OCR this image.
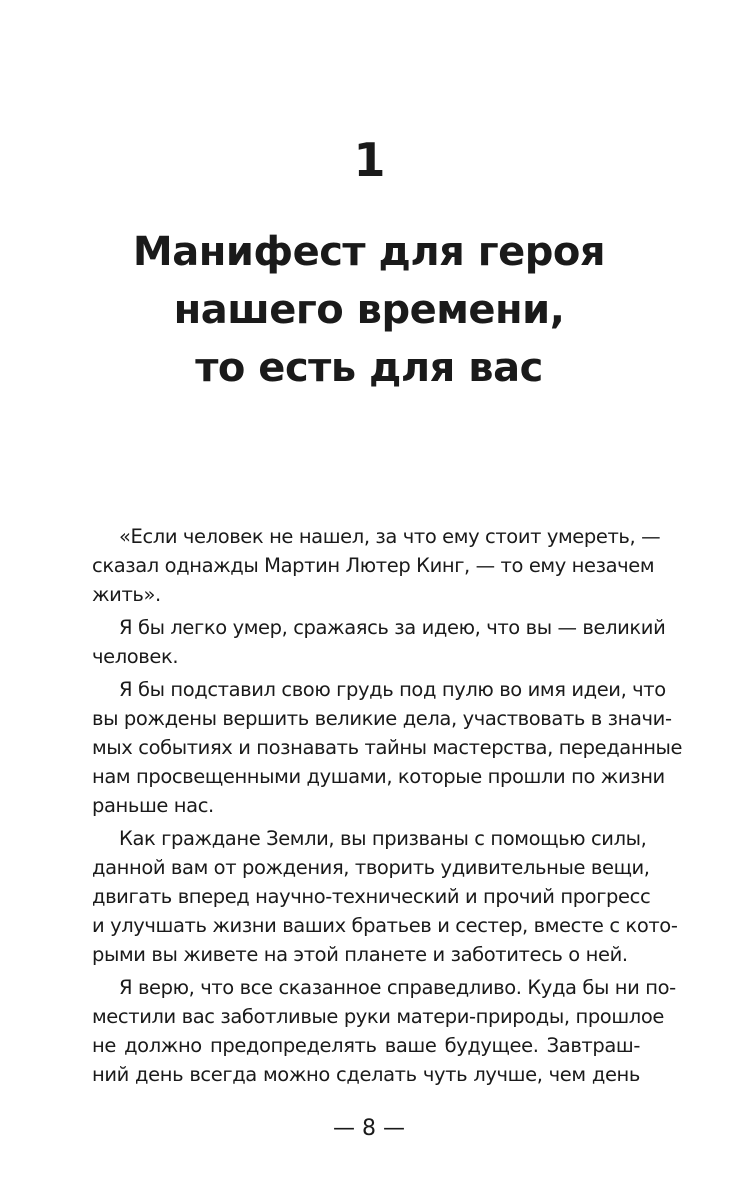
1
Манифест для героя
нашего времени,
то есть для вас

«Если человек не нашел, за что ему стоит умереть, —
сказал однажды Мартин Лютер Кинг, — то ему незачем
жить».

Я бы легко умер, сражаясь за идею, что вы — великий
человек.

Я бы подставил свою грудь под пулю во имя идеи, что
вы рождены вершить великие дела, участвовать в значи-
мых событиях и познавать тайны мастерства, переданные
нам просвещенными душами, которые прошли по жизни
раньше нас.

Как граждане Земли, вы призваны с помощью силы,
данной вам от рождения, творить удивительные вещи,
двигать вперед научно-технический и прочий прогресс
и улучшать жизни ваших братьев и сестер, вместе с кото-
рыми вы живете на этой планете и заботитесь о ней.

Я верю, что все сказанное справедливо. Куда бы ни по-
местили вас заботливые руки матери-природы, прошлое
не должно предопределять ваше будущее. Завтраш-
ний день всегда можно сделать чуть лучше, чем день

— 8 —
